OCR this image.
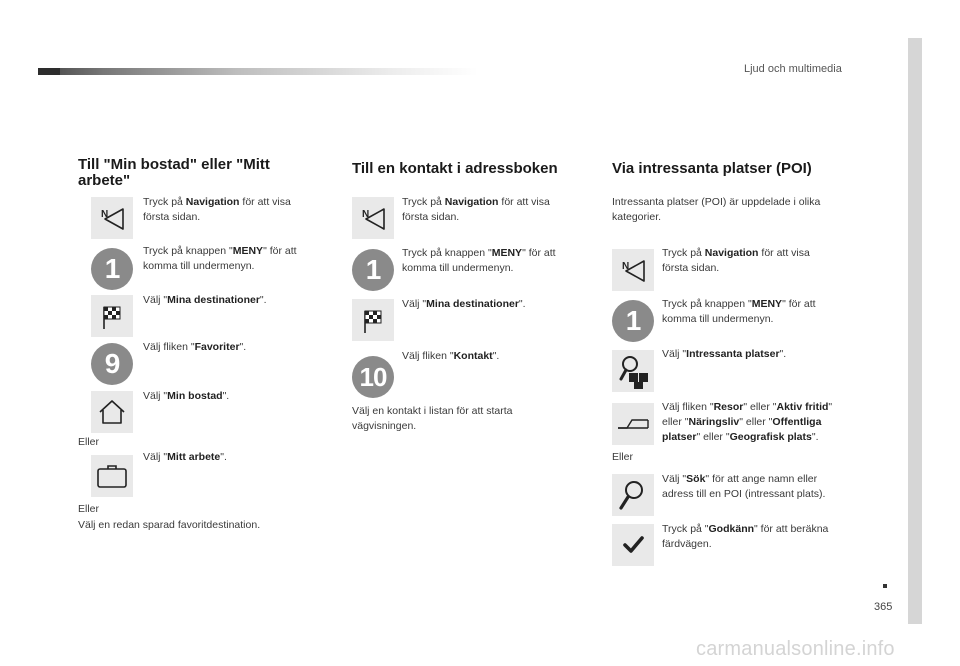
Ljud och multimedia
365
carmanualsonline.info
Till "Min bostad" eller "Mitt
arbete"
N
Tryck på Navigation för att visa
första sidan.
1
Tryck på knappen "MENY" för att
komma till undermenyn.
Välj "Mina destinationer".
9
Välj fliken "Favoriter".
Välj "Min bostad".
Eller
Välj "Mitt arbete".
Eller
Välj en redan sparad favoritdestination.
Till en kontakt i adressboken
N
Tryck på Navigation för att visa
första sidan.
1
Tryck på knappen "MENY" för att
komma till undermenyn.
Välj "Mina destinationer".
10
Välj fliken "Kontakt".
Välj en kontakt i listan för att starta
vägvisningen.
Via intressanta platser (POI)
Intressanta platser (POI) är uppdelade i olika
kategorier.
N
Tryck på Navigation för att visa
första sidan.
1
Tryck på knappen "MENY" för att
komma till undermenyn.
Välj "Intressanta platser".
Välj fliken "Resor" eller "Aktiv fritid"
eller "Näringsliv" eller "Offentliga
platser" eller "Geografisk plats".
Eller
Välj "Sök" för att ange namn eller
adress till en POI (intressant plats).
Tryck på "Godkänn" för att beräkna
färdvägen.
